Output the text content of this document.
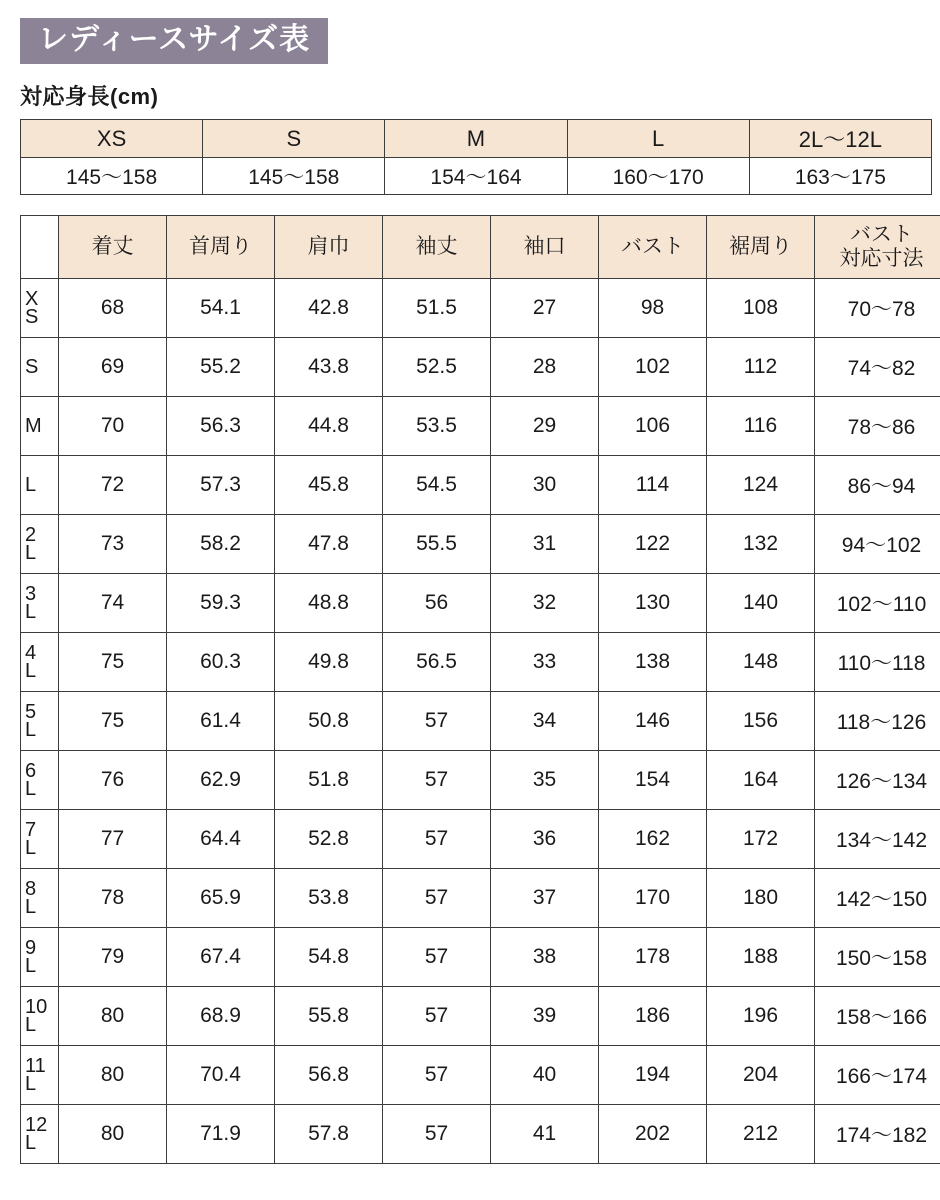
レディースサイズ表
対応身長(cm)
XS	S	M	L	2L〜12L
145〜158	145〜158	154〜164	160〜170	163〜175
	着丈	首周り	肩巾	袖丈	袖口	バスト	裾周り	バスト
対応寸法

X
S	68	54.1	42.8	51.5	27	98	108	70〜78

S	69	55.2	43.8	52.5	28	102	112	74〜82

M	70	56.3	44.8	53.5	29	106	116	78〜86

L	72	57.3	45.8	54.5	30	114	124	86〜94

2
L	73	58.2	47.8	55.5	31	122	132	94〜102

3
L	74	59.3	48.8	56	32	130	140	102〜110

4
L	75	60.3	49.8	56.5	33	138	148	110〜118

5
L	75	61.4	50.8	57	34	146	156	118〜126

6
L	76	62.9	51.8	57	35	154	164	126〜134

7
L	77	64.4	52.8	57	36	162	172	134〜142

8
L	78	65.9	53.8	57	37	170	180	142〜150

9
L	79	67.4	54.8	57	38	178	188	150〜158

10
L	80	68.9	55.8	57	39	186	196	158〜166

11
L	80	70.4	56.8	57	40	194	204	166〜174

12
L	80	71.9	57.8	57	41	202	212	174〜182
